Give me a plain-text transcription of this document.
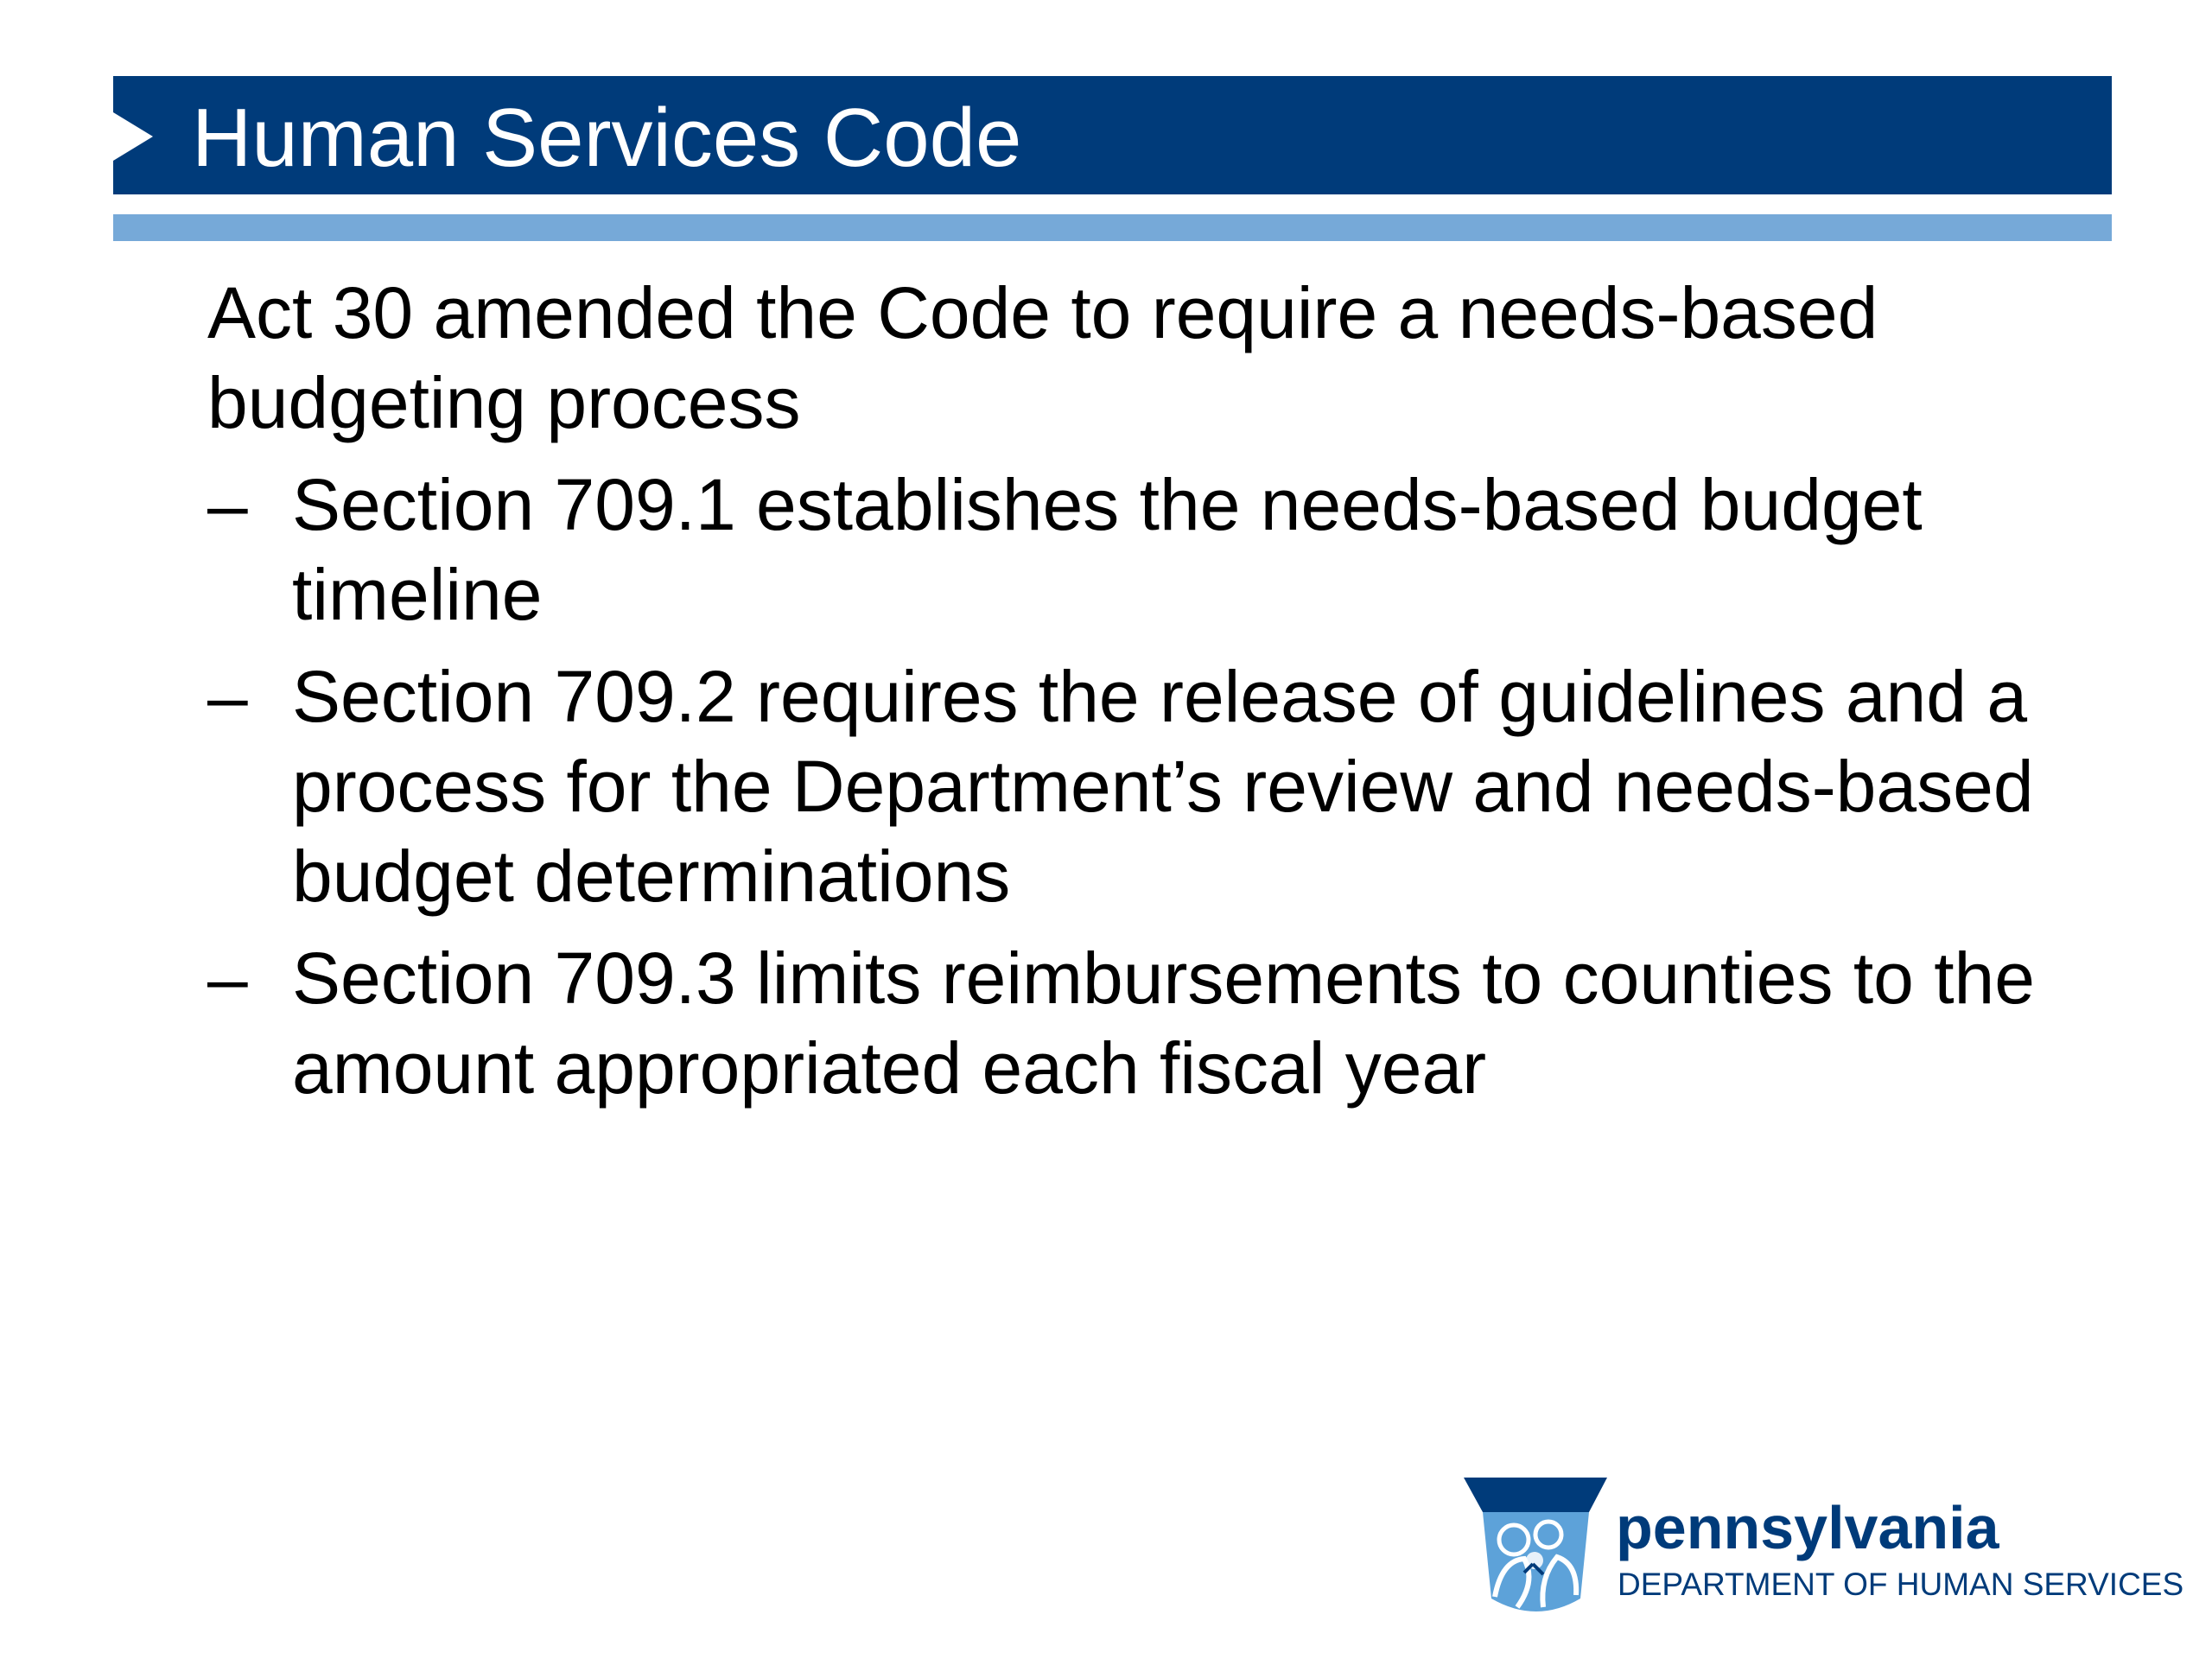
Human Services Code

Act 30 amended the Code to require a needs-based budgeting process

– Section 709.1 establishes the needs-based budget timeline
– Section 709.2 requires the release of guidelines and a process for the Department’s review and needs-based budget determinations
– Section 709.3 limits reimbursements to counties to the amount appropriated each fiscal year
pennsylvania
DEPARTMENT OF HUMAN SERVICES
